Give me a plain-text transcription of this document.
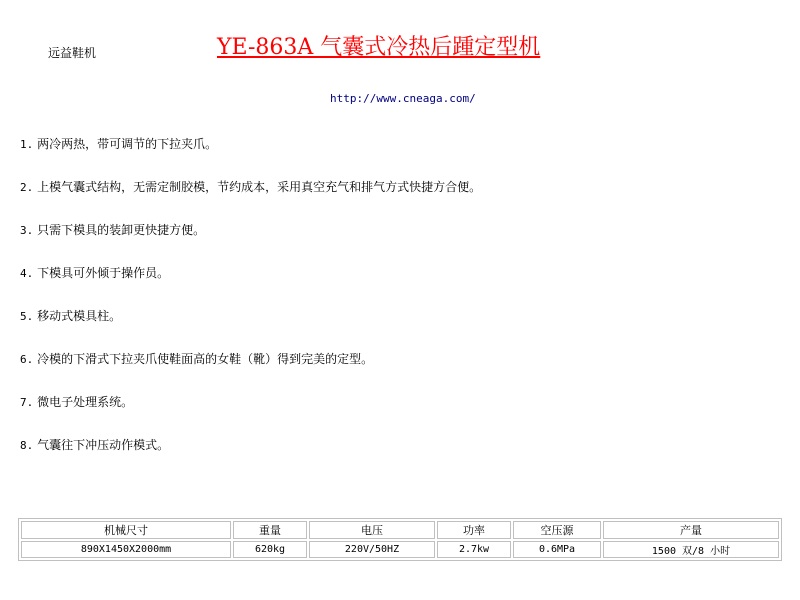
远益鞋机	YE-863A 气囊式冷热后踵定型机
http://www.cneaga.com/
1. 两冷两热，带可调节的下拉夹爪。
2. 上模气囊式结构，无需定制胶模，节约成本，采用真空充气和排气方式快捷方合便。
3. 只需下模具的装卸更快捷方便。
4. 下模具可外倾于操作员。
5. 移动式模具柱。
6. 冷模的下滑式下拉夹爪使鞋面高的女鞋（靴）得到完美的定型。
7. 微电子处理系统。
8. 气囊往下冲压动作模式。
机械尺寸	重量	电压	功率	空压源	产量
890X1450X2000mm	620kg	220V/50HZ	2.7kw	0.6MPa	1500 双/8 小时
